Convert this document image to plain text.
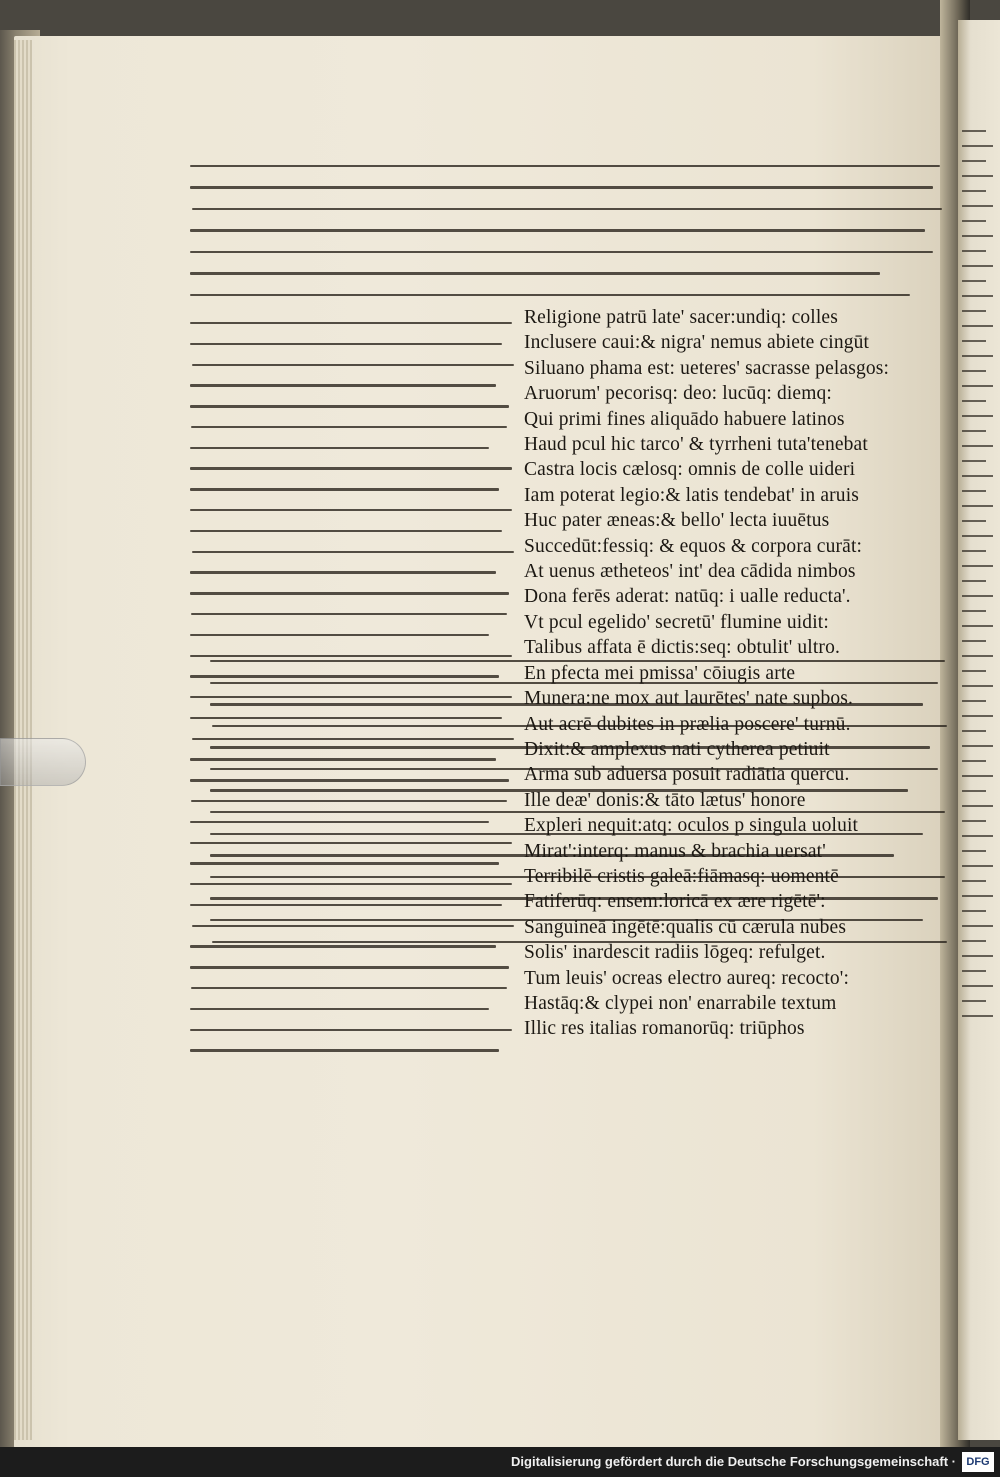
Religione patrū late' sacer:undiq: colles

Inclusere caui:& nigra' nemus abiete cingūt

Siluano phama est: ueteres' sacrasse pelasgos:

Aruorum' pecorisq: deo: lucūq: diemq:

Qui primi fines aliquādo habuere latinos

Haud pcul hic tarco' & tyrrheni tuta'tenebat

Castra locis cælosq: omnis de colle uideri

Iam poterat legio:& latis tendebat' in aruis

Huc pater æneas:& bello' lecta iuuētus

Succedūt:fessiq: & equos & corpora curāt:

At uenus ætheteos' int' dea cādida nimbos

Dona ferēs aderat: natūq: i ualle reducta'.

Vt pcul egelido' secretū' flumine uidit:

Talibus affata ē dictis:seq: obtulit' ultro.

En pfecta mei pmissa' cōiugis arte

Munera:ne mox aut laurētes' nate supbos.

Aut acrē dubites in prælia poscere' turnū.

Dixit:& amplexus nati cytherea petiuit

Arma sub aduersa posuit radiātia quercu.

Ille deæ' donis:& tāto lætus' honore

Expleri nequit:atq: oculos p singula uoluit

Mirat':interq: manus & brachia uersat'

Terribilē cristis galeā:fiāmasq: uomentē

Fatiferūq: ensem:loricā ex ære rigētē':

Sanguineā ingētē:qualis cū cærula nubes

Solis' inardescit radiis lōgeq: refulget.

Tum leuis' ocreas electro aureq: recocto':

Hastāq:& clypei non' enarrabile textum

Illic res italias romanorūq: triūphos

Digitalisierung gefördert durch die Deutsche Forschungsgemeinschaft · DFG
